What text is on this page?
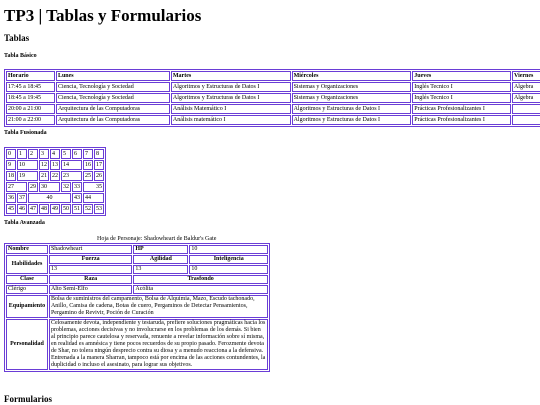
TP3 | Tablas y Formularios
Tablas
Tabla Básico
Horario	Lunes	Martes	Miércoles	Jueves	Viernes
17:45 a 18:45	Ciencia, Tecnología y Sociedad	Algoritmos y Estructuras de Datos I	Sistemas y Organizaciones	Inglés Tecnico I	Algebra
18:45 a 19:45	Ciencia, Tecnología y Sociedad	Algoritmos y Estructuras de Datos I	Sistemas y Organizaciones	Inglés Tecnico I	Algebra
20:00 a 21:00	Arquitectura de las Computadoras	Análisis Matemático I	Algoritmos y Estructuras de Datos I	Prácticas Profesionalizantes I	
21:00 a 22:00	Arquitectura de las Computadoras	Análisis matemático I	Algoritmos y Estructuras de Datos I	Prácticas Profesionalizantes I	
Tabla Fusionada
0	1	2	3	4	5	6	7	8
9	10		12	13	14		16	17
18	19		21	22	23		25	26
27		29	30		32	33	35	
36	37	40				43	44	
45	46	47	48	49	50	51	52	53
Tabla Avanzada
Hoja de Personaje: Shadowheart de Baldur's Gate
Nombre	Shadowheart	HP	10
Habilidades	Fuerza	Agilidad	Inteligencia
	13	13	10
Clase	Raza	Trasfondo	
Clérigo	Alto Semi-Elfo	Acólita	
Equipamiento	Bolsa de suministros del campamento, Bolsa de Alquimia, Mazo, Escudo tachonado, Anillo, Camisa de cadena, Botas de cuero, Pergaminos de Detectar Pensamientos, Pergamino de Revivir, Poción de Curación		
Personalidad	Celosamente devota, independiente y testaruda, prefiere soluciones pragmáticas hacia los problemas, acciones decisivas y no involucrarse en los problemas de los demás. Si bien al principio parece cautelosa y reservada, renuente a revelar información sobre sí misma, en realidad es amnésica y tiene pocos recuerdos de su propio pasado. Ferozmente devota de Shar, no tolera ningún desprecio contra su diosa y a menudo reacciona a la defensiva. Entrenada a la manera Sharran, tampoco está por encima de las acciones contundentes, la duplicidad o incluso el asesinato, para lograr sus objetivos.		
Formularios
